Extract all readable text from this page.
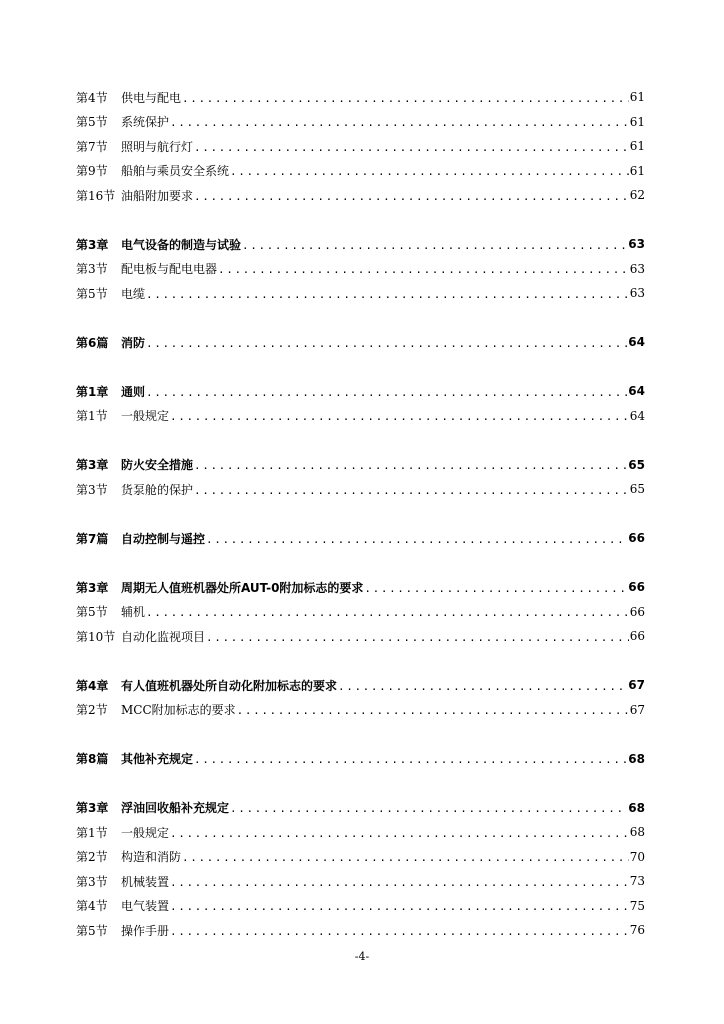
第4节	供电与配电 .....	61
第5节	系统保护 .....	61
第7节	照明与航行灯 .....	61
第9节	船舶与乘员安全系统 .....	61
第16节 油船附加要求 .....	62
第3章	电气设备的制造与试验 .....	63
第3节	配电板与配电电器 .....	63
第5节	电缆 .....	63
第6篇	消防 .....	64
第1章	通则 .....	64
第1节	一般规定 .....	64
第3章	防火安全措施 .....	65
第3节	货泵舱的保护 .....	65
第7篇	自动控制与遥控 .....	66
第3章	周期无人值班机器处所AUT-0附加标志的要求 .....	66
第5节	辅机 .....	66
第10节 自动化监视项目 .....	66
第4章	有人值班机器处所自动化附加标志的要求 .....	67
第2节	MCC附加标志的要求 .....	67
第8篇	其他补充规定 .....	68
第3章	浮油回收船补充规定 .....	68
第1节	一般规定 .....	68
第2节	构造和消防 .....	70
第3节	机械装置 .....	73
第4节	电气装置 .....	75
第5节	操作手册 .....	76
-4-
